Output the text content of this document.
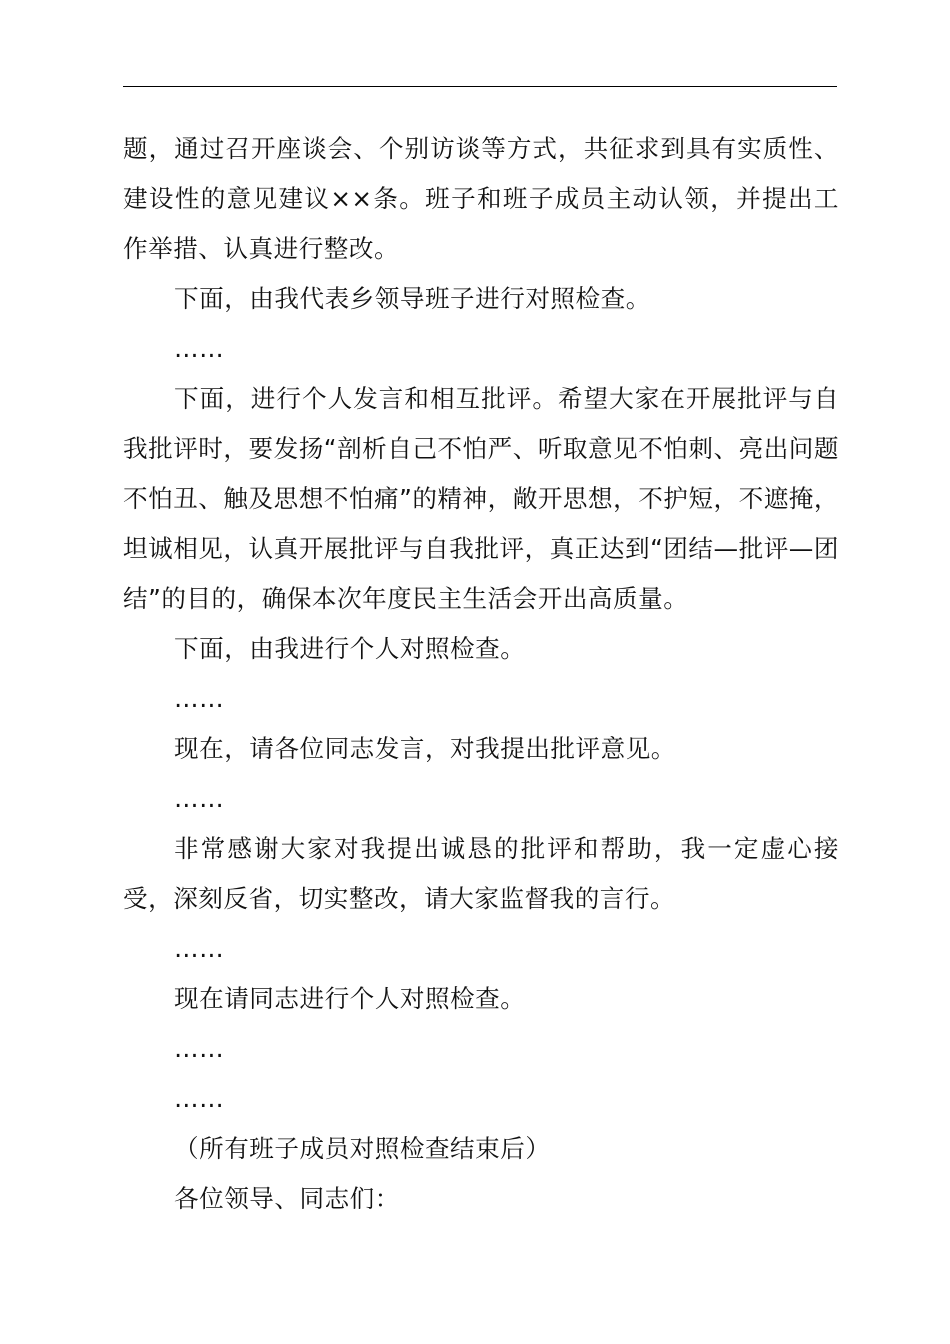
题，通过召开座谈会、个别访谈等方式，共征求到具有实质性、建设性的意见建议××条。班子和班子成员主动认领，并提出工作举措、认真进行整改。

下面，由我代表乡领导班子进行对照检查。

……

下面，进行个人发言和相互批评。希望大家在开展批评与自我批评时，要发扬“剖析自己不怕严、听取意见不怕刺、亮出问题不怕丑、触及思想不怕痛”的精神，敞开思想，不护短，不遮掩，坦诚相见，认真开展批评与自我批评，真正达到“团结—批评—团结”的目的，确保本次年度民主生活会开出高质量。

下面，由我进行个人对照检查。

……

现在，请各位同志发言，对我提出批评意见。

……

非常感谢大家对我提出诚恳的批评和帮助，我一定虚心接受，深刻反省，切实整改，请大家监督我的言行。

……

现在请同志进行个人对照检查。

……

……

（所有班子成员对照检查结束后）

各位领导、同志们：
